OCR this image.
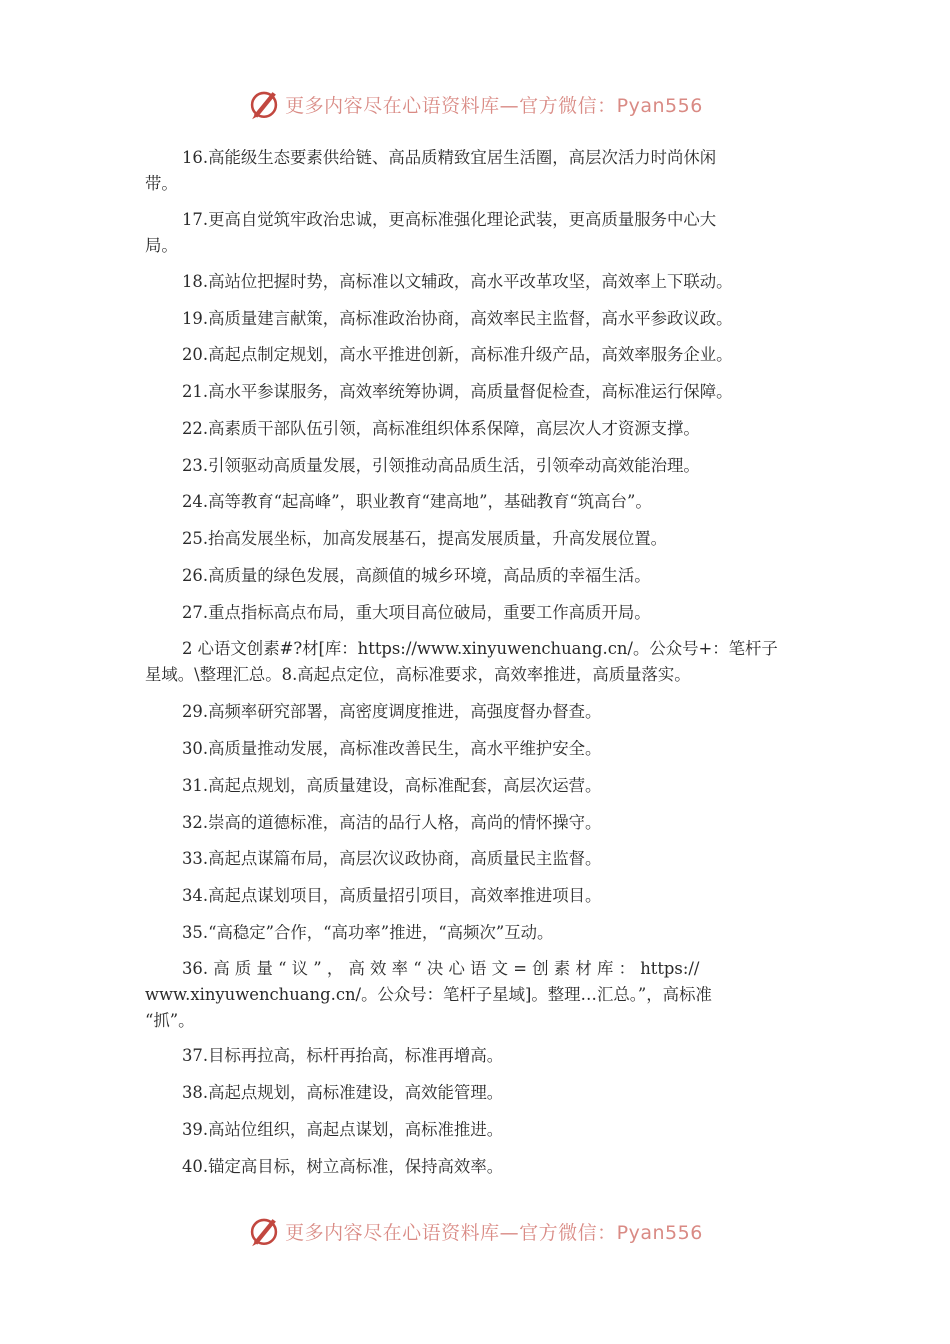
更多内容尽在心语资料库—官方微信：Pyan556
16.高能级生态要素供给链、高品质精致宜居生活圈，高层次活力时尚休闲
带。
17.更高自觉筑牢政治忠诚，更高标准强化理论武装，更高质量服务中心大
局。
18.高站位把握时势，高标准以文辅政，高水平改革攻坚，高效率上下联动。
19.高质量建言献策，高标准政治协商，高效率民主监督，高水平参政议政。
20.高起点制定规划，高水平推进创新，高标准升级产品，高效率服务企业。
21.高水平参谋服务，高效率统筹协调，高质量督促检查，高标准运行保障。
22.高素质干部队伍引领，高标准组织体系保障，高层次人才资源支撑。
23.引领驱动高质量发展，引领推动高品质生活，引领牵动高效能治理。
24.高等教育“起高峰”，职业教育“建高地”，基础教育“筑高台”。
25.抬高发展坐标，加高发展基石，提高发展质量，升高发展位置。
26.高质量的绿色发展，高颜值的城乡环境，高品质的幸福生活。
27.重点指标高点布局，重大项目高位破局，重要工作高质开局。
2 心语文创素#?材[库：https://www.xinyuwenchuang.cn/。公众号+：笔杆子
星域。\整理汇总。8.高起点定位，高标准要求，高效率推进，高质量落实。
29.高频率研究部署，高密度调度推进，高强度督办督查。
30.高质量推动发展，高标准改善民生，高水平维护安全。
31.高起点规划，高质量建设，高标准配套，高层次运营。
32.崇高的道德标准，高洁的品行人格，高尚的情怀操守。
33.高起点谋篇布局，高层次议政协商，高质量民主监督。
34.高起点谋划项目，高质量招引项目，高效率推进项目。
35.“高稳定”合作，“高功率”推进，“高频次”互动。
36. 高 质 量 “ 议 ” ， 高 效 率 “ 决 心 语 文 = 创 素 材 库 ： https://
www.xinyuwenchuang.cn/。公众号：笔杆子星域]。整理…汇总。”，高标准
“抓”。
37.目标再拉高，标杆再抬高，标准再增高。
38.高起点规划，高标准建设，高效能管理。
39.高站位组织，高起点谋划，高标准推进。
40.锚定高目标，树立高标准，保持高效率。
更多内容尽在心语资料库—官方微信：Pyan556
